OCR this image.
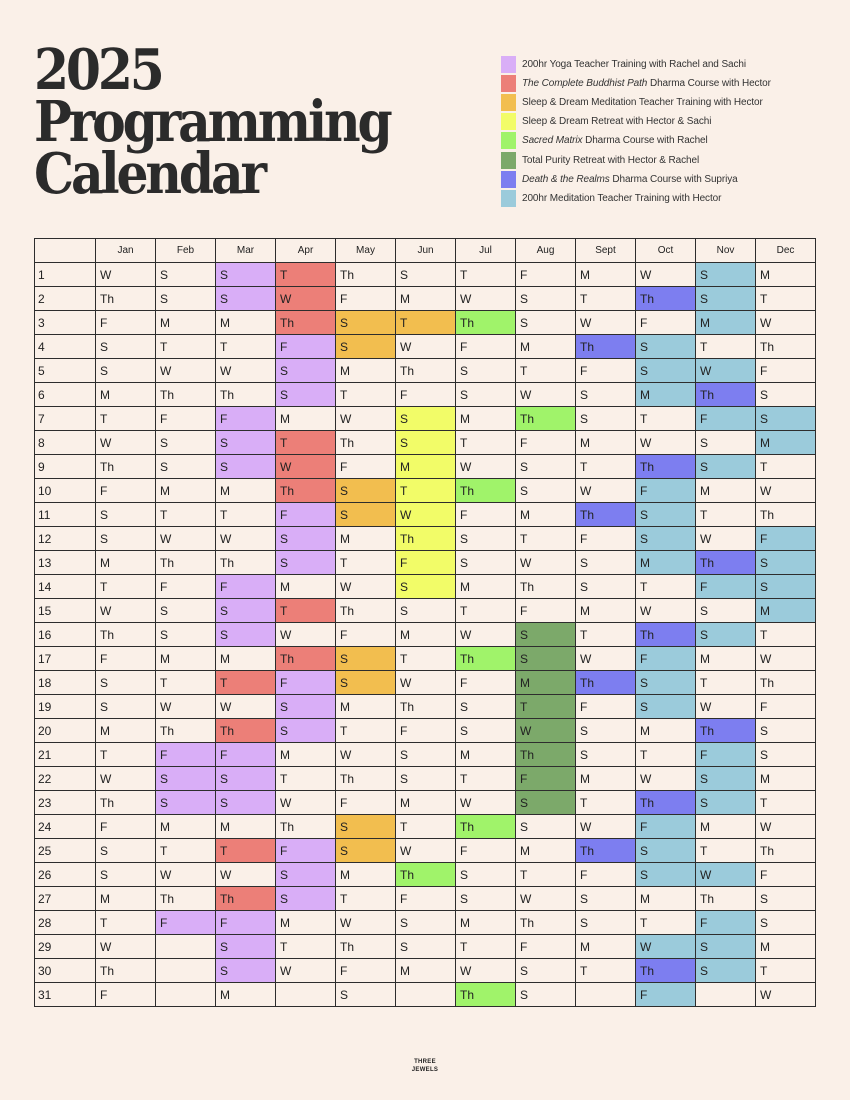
2025
Programming
Calendar
200hr Yoga Teacher Training with Rachel and Sachi
The Complete Buddhist Path Dharma Course with Hector
Sleep & Dream Meditation Teacher Training with Hector
Sleep & Dream Retreat with Hector & Sachi
Sacred Matrix Dharma Course with Rachel
Total Purity Retreat with Hector & Rachel
Death & the Realms Dharma Course with Supriya
200hr Meditation Teacher Training with Hector
	Jan	Feb	Mar	Apr	May	Jun	Jul	Aug	Sept	Oct	Nov	Dec
1	W	S	S	T	Th	S	T	F	M	W	S	M
2	Th	S	S	W	F	M	W	S	T	Th	S	T
3	F	M	M	Th	S	T	Th	S	W	F	M	W
4	S	T	T	F	S	W	F	M	Th	S	T	Th
5	S	W	W	S	M	Th	S	T	F	S	W	F
6	M	Th	Th	S	T	F	S	W	S	M	Th	S
7	T	F	F	M	W	S	M	Th	S	T	F	S
8	W	S	S	T	Th	S	T	F	M	W	S	M
9	Th	S	S	W	F	M	W	S	T	Th	S	T
10	F	M	M	Th	S	T	Th	S	W	F	M	W
11	S	T	T	F	S	W	F	M	Th	S	T	Th
12	S	W	W	S	M	Th	S	T	F	S	W	F
13	M	Th	Th	S	T	F	S	W	S	M	Th	S
14	T	F	F	M	W	S	M	Th	S	T	F	S
15	W	S	S	T	Th	S	T	F	M	W	S	M
16	Th	S	S	W	F	M	W	S	T	Th	S	T
17	F	M	M	Th	S	T	Th	S	W	F	M	W
18	S	T	T	F	S	W	F	M	Th	S	T	Th
19	S	W	W	S	M	Th	S	T	F	S	W	F
20	M	Th	Th	S	T	F	S	W	S	M	Th	S
21	T	F	F	M	W	S	M	Th	S	T	F	S
22	W	S	S	T	Th	S	T	F	M	W	S	M
23	Th	S	S	W	F	M	W	S	T	Th	S	T
24	F	M	M	Th	S	T	Th	S	W	F	M	W
25	S	T	T	F	S	W	F	M	Th	S	T	Th
26	S	W	W	S	M	Th	S	T	F	S	W	F
27	M	Th	Th	S	T	F	S	W	S	M	Th	S
28	T	F	F	M	W	S	M	Th	S	T	F	S
29	W		S	T	Th	S	T	F	M	W	S	M
30	Th		S	W	F	M	W	S	T	Th	S	T
31	F		M		S		Th	S		F		W
THREE
JEWELS
